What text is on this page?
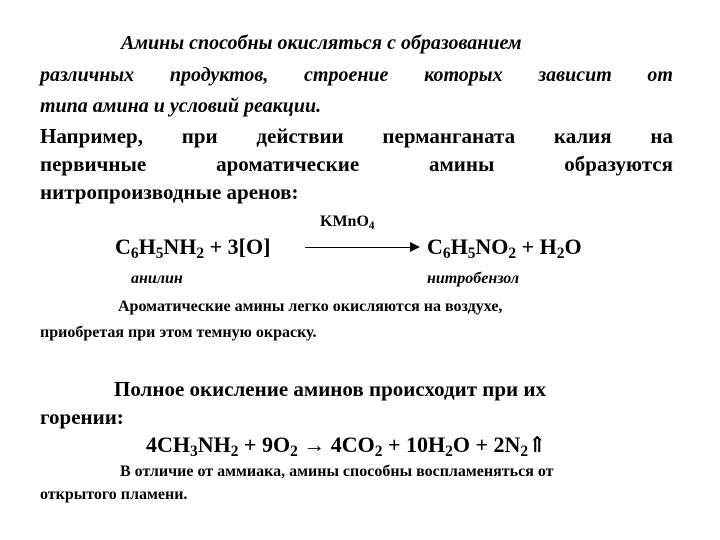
Амины способны окисляться с образованием
различных продуктов, строение которых зависит от
типа амина и условий реакции.
Например, при действии перманганата калия на
первичные	ароматические	амины	образуются
нитропроизводные аренов:
KMnO$_4$
$C_6H_5NH_2 + 3[O]$	$C_6H_5NO_2 + H_2O$
анилин	нитробензол
Ароматические амины легко окисляются на воздухе,
приобретая при этом темную окраску.
Полное окисление аминов происходит при их
горении:
$4CH_3NH_2 + 9O_2 \to 4CO_2 + 10H_2O$ + $2N_2⇑$
В отличие от аммиака, амины способны воспламеняться от
открытого пламени.
